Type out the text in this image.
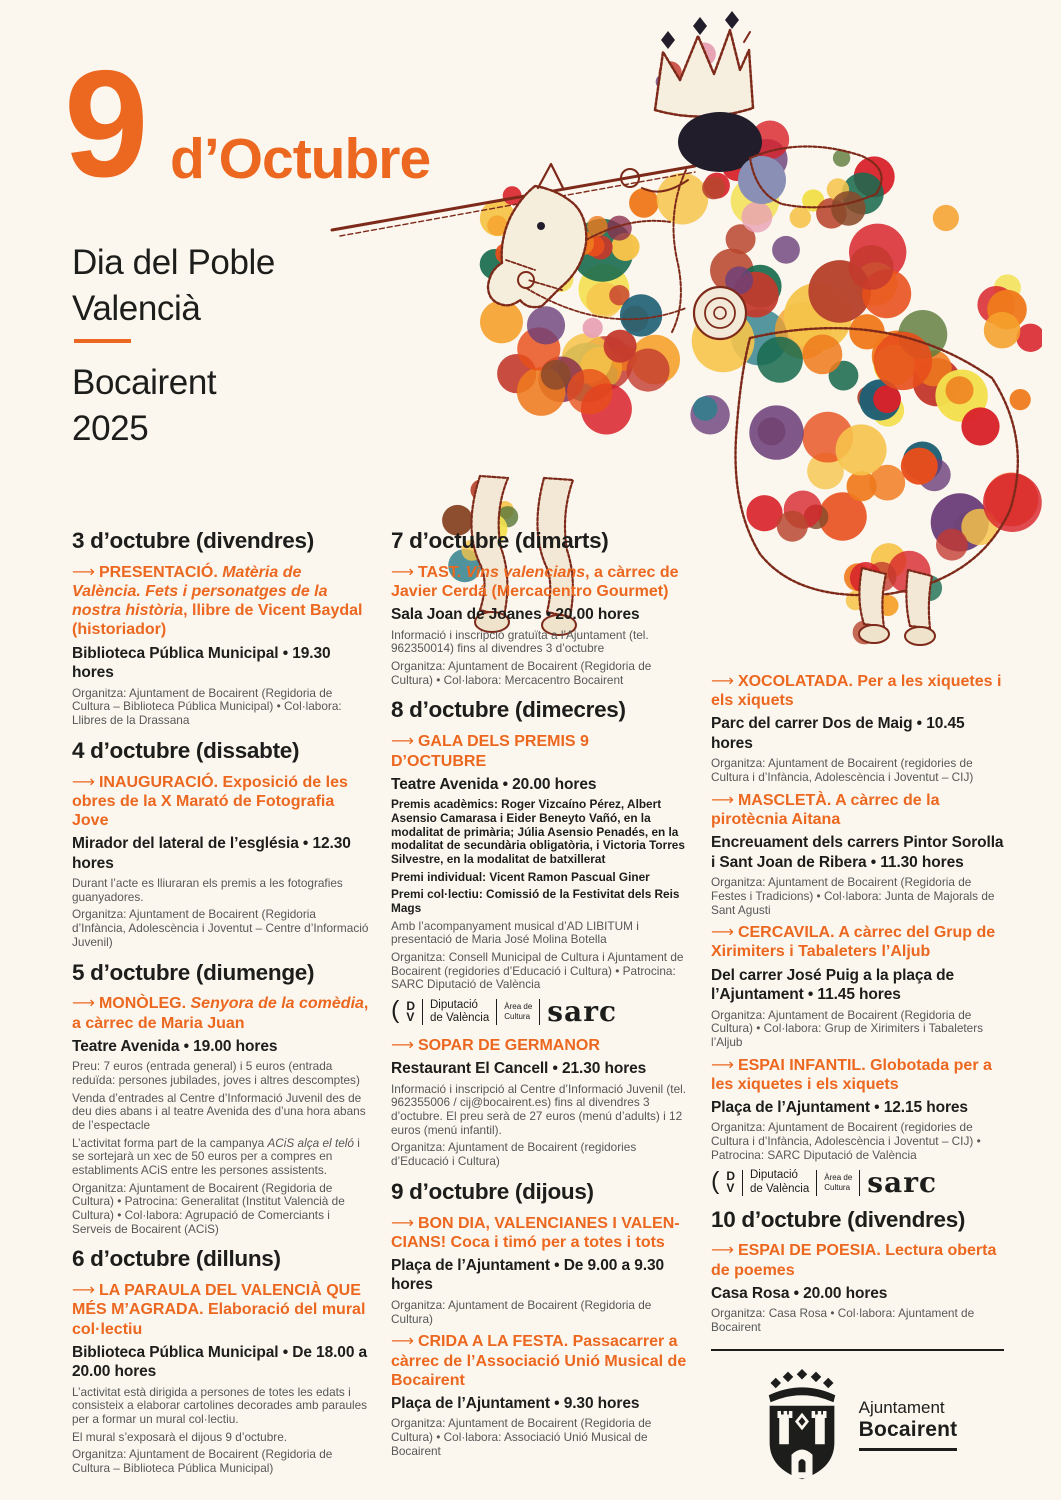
9 d’Octubre
Dia del Poble
Valencià
Bocairent
2025
3 d’octubre (divendres)
⟶ PRESENTACIÓ. Matèria de València. Fets i personatges de la nostra història, llibre de Vicent Baydal (historiador)
Biblioteca Pública Municipal • 19.30 hores

Organitza: Ajuntament de Bocairent (Regidoria de Cultura – Biblioteca Pública Municipal) • Col·labora: Llibres de la Drassana

4 d’octubre (dissabte)
⟶ INAUGURACIÓ. Exposició de les obres de la X Marató de Fotografia Jove
Mirador del lateral de l’església • 12.30 hores

Durant l’acte es lliuraran els premis a les fotografies guanyadores.

Organitza: Ajuntament de Bocairent (Regidoria d’Infància, Adolescència i Joventut – Centre d’Informació Juvenil)

5 d’octubre (diumenge)
⟶ MONÒLEG. Senyora de la comèdia, a càrrec de Maria Juan
Teatre Avenida • 19.00 hores

Preu: 7 euros (entrada general) i 5 euros (entrada reduïda: persones jubilades, joves i altres descomptes)

Venda d’entrades al Centre d’Informació Juvenil des de deu dies abans i al teatre Avenida des d’una hora abans de l’espectacle

L’activitat forma part de la campanya ACiS alça el teló i se sortejarà un xec de 50 euros per a compres en establiments ACiS entre les persones assistents.

Organitza: Ajuntament de Bocairent (Regidoria de Cultura) • Patrocina: Generalitat (Institut Valencià de Cultura) • Col·labora: Agrupació de Comerciants i Serveis de Bocairent (ACiS)

6 d’octubre (dilluns)
⟶ LA PARAULA DEL VALENCIÀ QUE MÉS M’AGRADA. Elaboració del mural col·lectiu
Biblioteca Pública Municipal • De 18.00 a 20.00 hores

L’activitat està dirigida a persones de totes les edats i consisteix a elaborar cartolines decorades amb paraules per a formar un mural col·lectiu.

El mural s’exposarà el dijous 9 d’octubre.

Organitza: Ajuntament de Bocairent (Regidoria de Cultura – Biblioteca Pública Municipal)

7 d’octubre (dimarts)
⟶ TAST. Vins valencians, a càrrec de Javier Cerdá (Mercacentro Gourmet)
Sala Joan de Joanes • 20.00 hores

Informació i inscripció gratuïta a l’Ajuntament (tel. 962350014) fins al divendres 3 d’octubre

Organitza: Ajuntament de Bocairent (Regidoria de Cultura) • Col·labora: Mercacentro Bocairent

8 d’octubre (dimecres)
⟶ GALA DELS PREMIS 9 D’OCTUBRE
Teatre Avenida • 20.00 hores

Premis acadèmics: Roger Vizcaíno Pérez, Albert Asensio Camarasa i Eider Beneyto Vañó, en la modalitat de primària; Júlia Asensio Penadés, en la modalitat de secundària obligatòria, i Victoria Torres Silvestre, en la modalitat de batxillerat

Premi individual: Vicent Ramon Pascual Giner

Premi col·lectiu: Comissió de la Festivitat dels Reis Mags

Amb l’acompanyament musical d’AD LIBITUM i presentació de Maria José Molina Botella

Organitza: Consell Municipal de Cultura i Ajuntament de Bocairent (regidories d’Educació i Cultura) • Patrocina: SARC Diputació de València

( D
V
Diputació
de València
Àrea de
Cultura sarc
⟶ SOPAR DE GERMANOR
Restaurant El Cancell • 21.30 hores

Informació i inscripció al Centre d’Informació Juvenil (tel. 962355006 / cij@bocairent.es) fins al divendres 3 d’octubre. El preu serà de 27 euros (menú d’adults) i 12 euros (menú infantil).

Organitza: Ajuntament de Bocairent (regidories d’Educació i Cultura)

9 d’octubre (dijous)
⟶ BON DIA, VALENCIANES I VALEN-CIANS! Coca i timó per a totes i tots
Plaça de l’Ajuntament • De 9.00 a 9.30 hores

Organitza: Ajuntament de Bocairent (Regidoria de Cultura)

⟶ CRIDA A LA FESTA. Passacarrer a càrrec de l’Associació Unió Musical de Bocairent
Plaça de l’Ajuntament • 9.30 hores

Organitza: Ajuntament de Bocairent (Regidoria de Cultura) • Col·labora: Associació Unió Musical de Bocairent

⟶ XOCOLATADA. Per a les xiquetes i els xiquets
Parc del carrer Dos de Maig • 10.45 hores

Organitza: Ajuntament de Bocairent (regidories de Cultura i d’Infància, Adolescència i Joventut – CIJ)

⟶ MASCLETÀ. A càrrec de la pirotècnia Aitana
Encreuament dels carrers Pintor Sorolla i Sant Joan de Ribera • 11.30 hores

Organitza: Ajuntament de Bocairent (Regidoria de Festes i Tradicions) • Col·labora: Junta de Majorals de Sant Agusti

⟶ CERCAVILA. A càrrec del Grup de Xirimiters i Tabaleters l’Aljub
Del carrer José Puig a la plaça de l’Ajuntament • 11.45 hores

Organitza: Ajuntament de Bocairent (Regidoria de Cultura) • Col·labora: Grup de Xirimiters i Tabaleters l’Aljub

⟶ ESPAI INFANTIL. Globotada per a les xiquetes i els xiquets
Plaça de l’Ajuntament • 12.15 hores

Organitza: Ajuntament de Bocairent (regidories de Cultura i d’Infància, Adolescència i Joventut – CIJ) • Patrocina: SARC Diputació de València

( D
V
Diputació
de València
Àrea de
Cultura sarc
10 d’octubre (divendres)
⟶ ESPAI DE POESIA. Lectura oberta de poemes
Casa Rosa • 20.00 hores

Organitza: Casa Rosa • Col·labora: Ajuntament de Bocairent

Ajuntament
Bocairent
